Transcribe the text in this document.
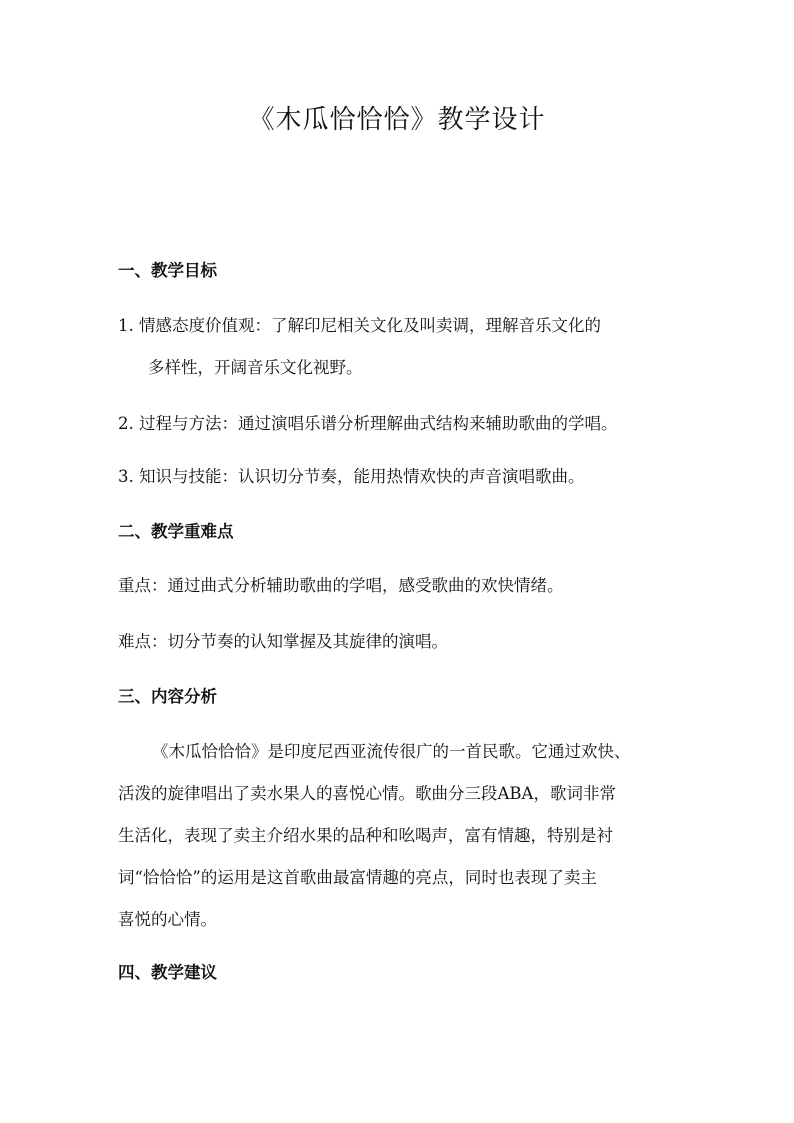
《木瓜恰恰恰》教学设计
一、教学目标
1. 情感态度价值观：了解印尼相关文化及叫卖调，理解音乐文化的
多样性，开阔音乐文化视野。
2. 过程与方法：通过演唱乐谱分析理解曲式结构来辅助歌曲的学唱。
3. 知识与技能：认识切分节奏，能用热情欢快的声音演唱歌曲。
二、教学重难点
重点：通过曲式分析辅助歌曲的学唱，感受歌曲的欢快情绪。
难点：切分节奏的认知掌握及其旋律的演唱。
三、内容分析
《木瓜恰恰恰》是印度尼西亚流传很广的一首民歌。它通过欢快、
活泼的旋律唱出了卖水果人的喜悦心情。歌曲分三段ABA，歌词非常
生活化，表现了卖主介绍水果的品种和吆喝声，富有情趣，特别是衬
词“恰恰恰”的运用是这首歌曲最富情趣的亮点，同时也表现了卖主
喜悦的心情。
四、教学建议
